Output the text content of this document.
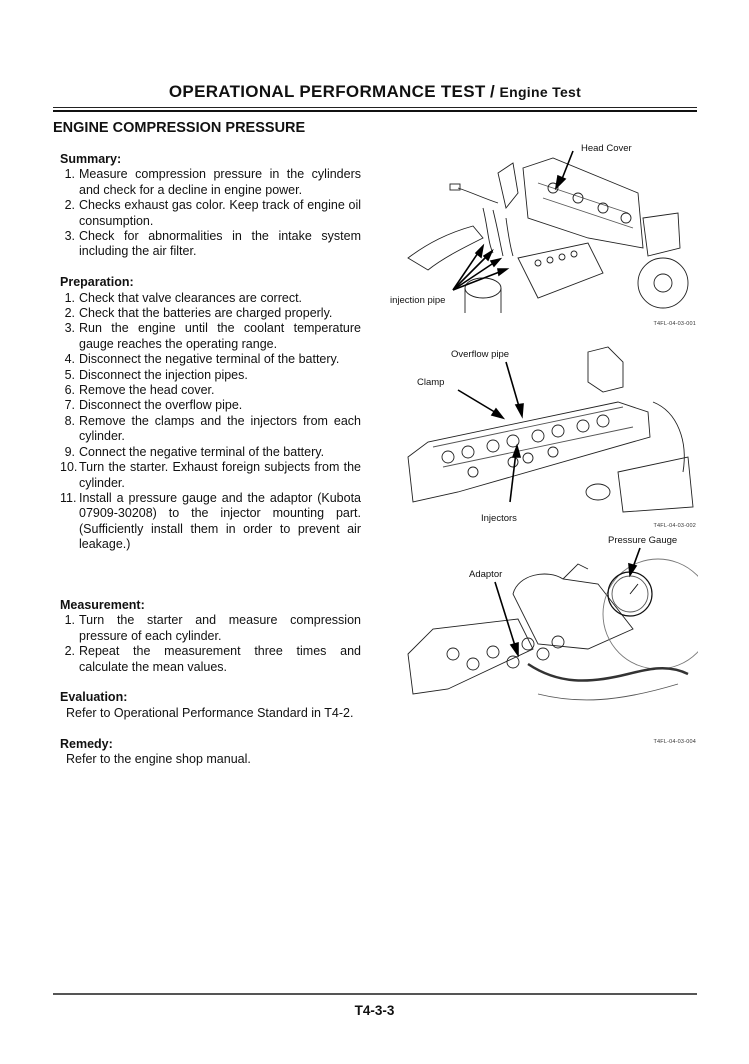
OPERATIONAL PERFORMANCE TEST / Engine Test
ENGINE COMPRESSION PRESSURE

Summary:

1. Measure compression pressure in the cylinders and check for a decline in engine power.
2. Checks exhaust gas color. Keep track of engine oil consumption.
3. Check for abnormalities in the intake system including the air filter.

Preparation:

1. Check that valve clearances are correct.
2. Check that the batteries are charged properly.
3. Run the engine until the coolant temperature gauge reaches the operating range.
4. Disconnect the negative terminal of the battery.
5. Disconnect the injection pipes.
6. Remove the head cover.
7. Disconnect the overflow pipe.
8. Remove the clamps and the injectors from each cylinder.
9. Connect the negative terminal of the battery.
10. Turn the starter. Exhaust foreign subjects from the cylinder.
11. Install a pressure gauge and the adaptor (Kubota 07909-30208) to the injector mounting part. (Sufficiently install them in order to prevent air leakage.)

Measurement:

1. Turn the starter and measure compression pressure of each cylinder.
2. Repeat the measurement three times and calculate the mean values.

Evaluation:

Refer to Operational Performance Standard in T4-2.

Remedy:

Refer to the engine shop manual.
Head Cover
injection pipe
T4FL-04-03-001
Overflow pipe
Clamp
Injectors
T4FL-04-03-002
Pressure Gauge
Adaptor
T4FL-04-03-004
T4-3-3
